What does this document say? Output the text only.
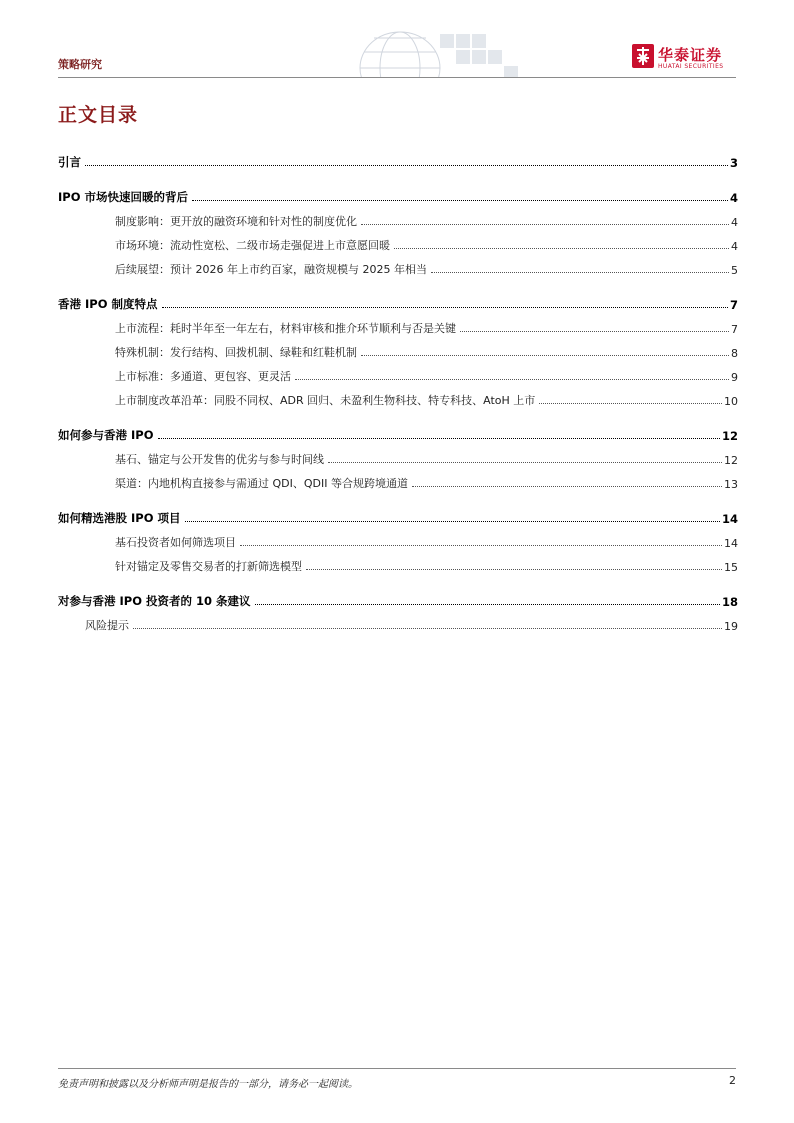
策略研究
华泰证券
HUATAI SECURITIES
正文目录
引言	3
IPO 市场快速回暖的背后	4
制度影响：更开放的融资环境和针对性的制度优化	4
市场环境：流动性宽松、二级市场走强促进上市意愿回暖	4
后续展望：预计 2026 年上市约百家，融资规模与 2025 年相当	5
香港 IPO 制度特点	7
上市流程：耗时半年至一年左右，材料审核和推介环节顺利与否是关键	7
特殊机制：发行结构、回拨机制、绿鞋和红鞋机制	8
上市标准：多通道、更包容、更灵活	9
上市制度改革沿革：同股不同权、ADR 回归、未盈利生物科技、特专科技、AtoH 上市	10
如何参与香港 IPO	12
基石、锚定与公开发售的优劣与参与时间线	12
渠道：内地机构直接参与需通过 QDI、QDII 等合规跨境通道	13
如何精选港股 IPO 项目	14
基石投资者如何筛选项目	14
针对锚定及零售交易者的打新筛选模型	15
对参与香港 IPO 投资者的 10 条建议	18
风险提示	19
免责声明和披露以及分析师声明是报告的一部分，请务必一起阅读。	2
